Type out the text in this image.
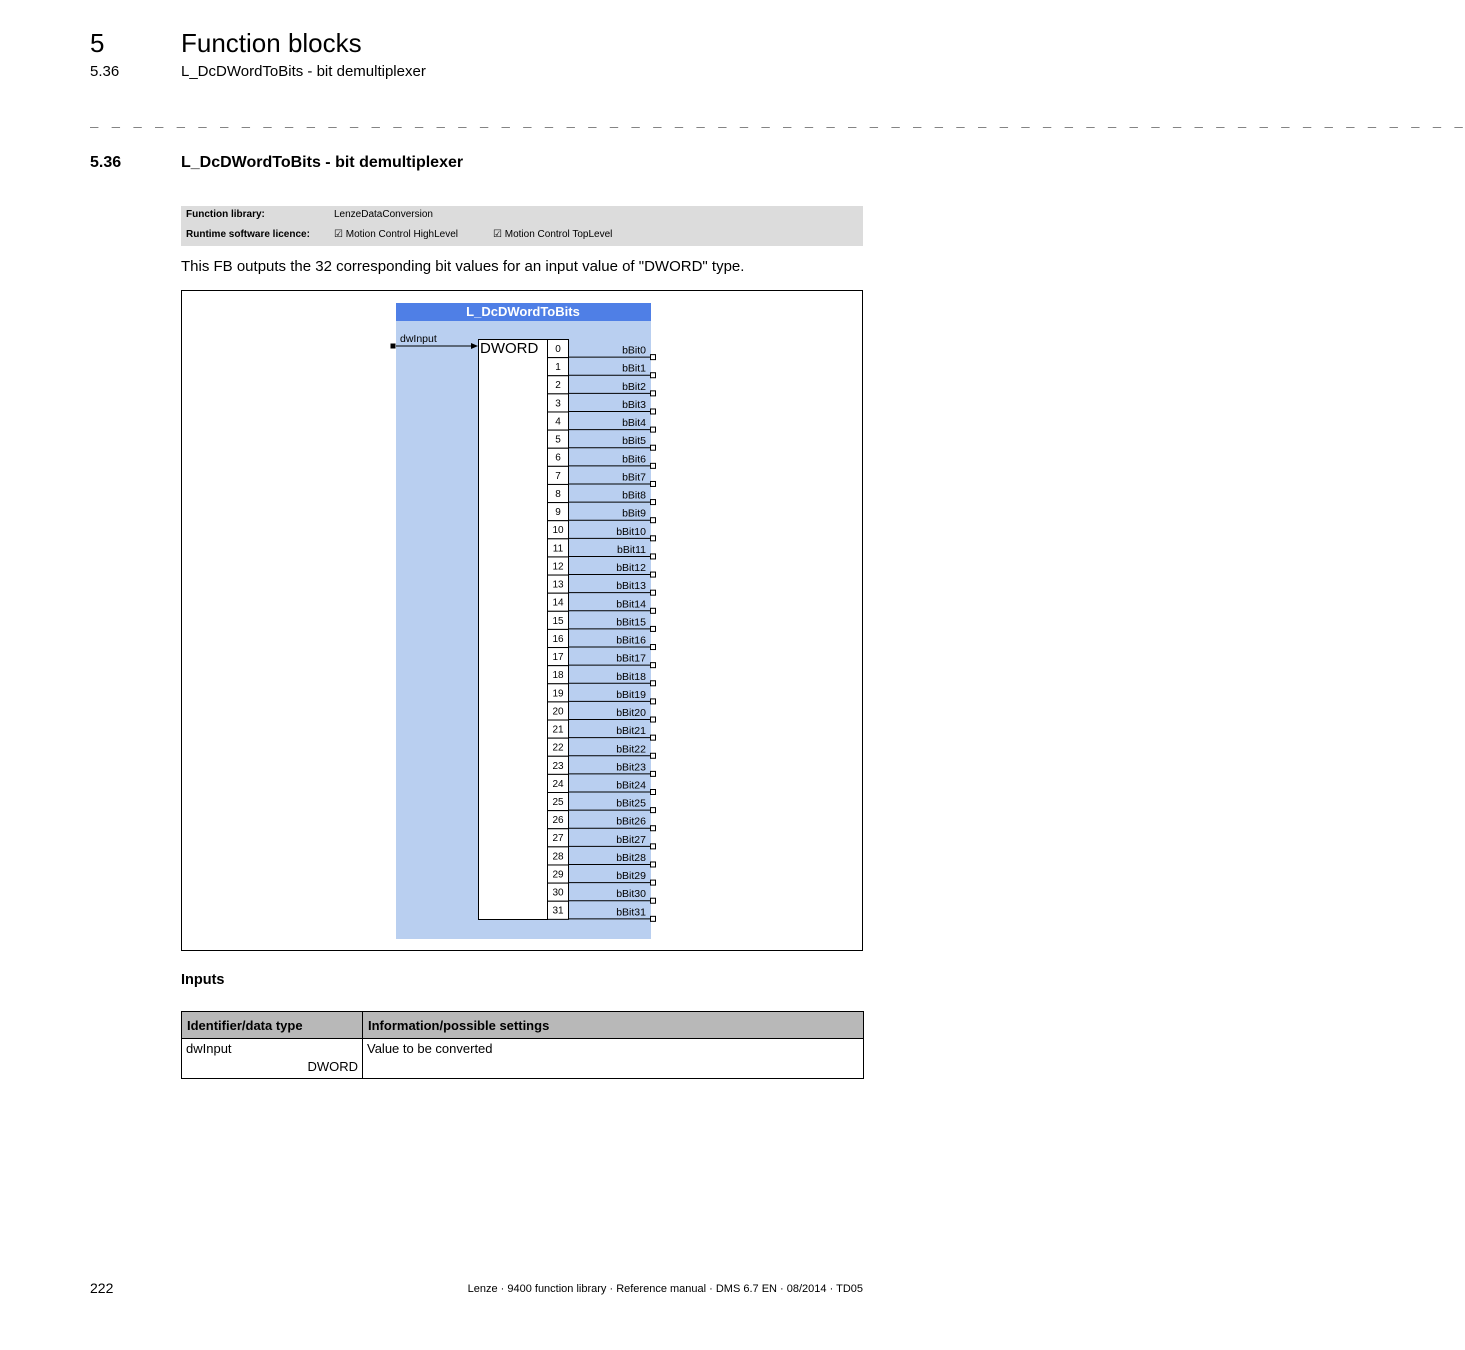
5	Function blocks
5.36	L_DcDWordToBits - bit demultiplexer
_ _ _ _ _ _ _ _ _ _ _ _ _ _ _ _ _ _ _ _ _ _ _ _ _ _ _ _ _ _ _ _ _ _ _ _ _ _ _ _ _ _ _ _ _ _ _ _ _ _ _ _ _ _ _ _ _ _ _ _ _ _ _ _
5.36	L_DcDWordToBits - bit demultiplexer
Function library:	LenzeDataConversion
Runtime software licence: ☑ Motion Control HighLevel	☑ Motion Control TopLevel
This FB outputs the 32 corresponding bit values for an input value of "DWORD" type.
L_DcDWordToBits
dwInput
DWORD 0
1
2
3
4
5
6
7
8
9
10
11
12
13
14
15
16
17
18
19
20
21
22
23
24
25
26
27
28
29
30
31
bBit0
bBit1
bBit2
bBit3
bBit4
bBit5
bBit6
bBit7
bBit8
bBit9
bBit10
bBit11
bBit12
bBit13
bBit14
bBit15
bBit16
bBit17
bBit18
bBit19
bBit20
bBit21
bBit22
bBit23
bBit24
bBit25
bBit26
bBit27
bBit28
bBit29
bBit30
bBit31
Inputs
Identifier/data type	Information/possible settings

dwInput
DWORD	Value to be converted
222	Lenze · 9400 function library · Reference manual · DMS 6.7 EN · 08/2014 · TD05
